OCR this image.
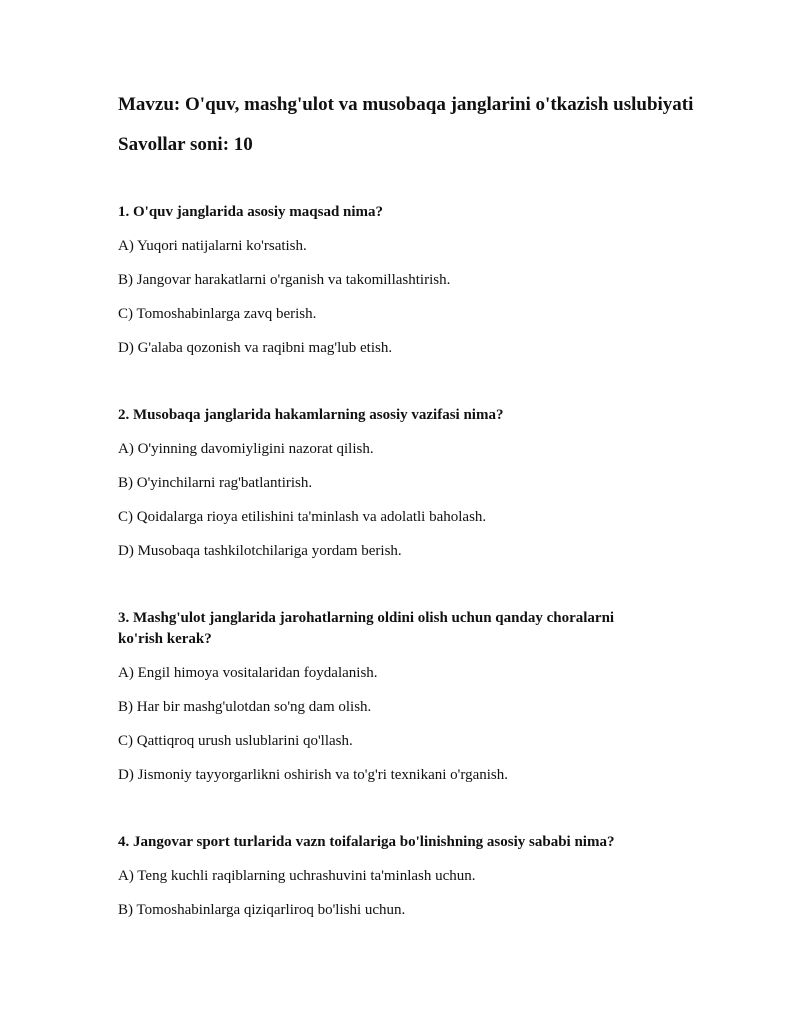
Mavzu: O'quv, mashg'ulot va musobaqa janglarini o'tkazish uslubiyati
Savollar soni: 10

1. O'quv janglarida asosiy maqsad nima?

A) Yuqori natijalarni ko'rsatish.

B) Jangovar harakatlarni o'rganish va takomillashtirish.

C) Tomoshabinlarga zavq berish.

D) G'alaba qozonish va raqibni mag'lub etish.

2. Musobaqa janglarida hakamlarning asosiy vazifasi nima?

A) O'yinning davomiyligini nazorat qilish.

B) O'yinchilarni rag'batlantirish.

C) Qoidalarga rioya etilishini ta'minlash va adolatli baholash.

D) Musobaqa tashkilotchilariga yordam berish.

3. Mashg'ulot janglarida jarohatlarning oldini olish uchun qanday choralarni ko'rish kerak?

A) Engil himoya vositalaridan foydalanish.

B) Har bir mashg'ulotdan so'ng dam olish.

C) Qattiqroq urush uslublarini qo'llash.

D) Jismoniy tayyorgarlikni oshirish va to'g'ri texnikani o'rganish.

4. Jangovar sport turlarida vazn toifalariga bo'linishning asosiy sababi nima?

A) Teng kuchli raqiblarning uchrashuvini ta'minlash uchun.

B) Tomoshabinlarga qiziqarliroq bo'lishi uchun.
